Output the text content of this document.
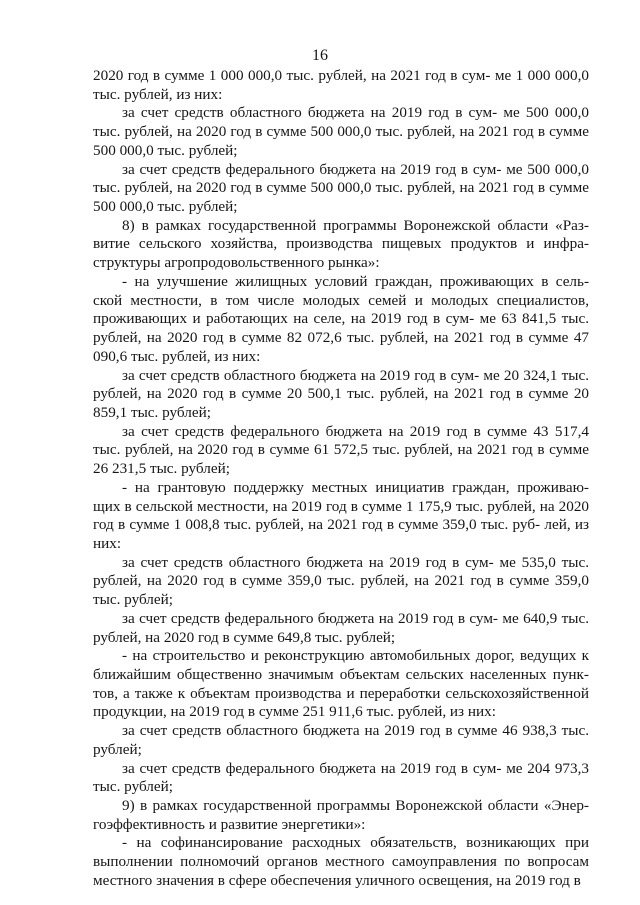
16

2020 год в сумме 1 000 000,0 тыс. рублей, на 2021 год в сум- ме 1 000 000,0 тыс. рублей, из них:

за счет средств областного бюджета на 2019 год в сум- ме 500 000,0 тыс. рублей, на 2020 год в сумме 500 000,0 тыс. рублей, на 2021 год в сумме 500 000,0 тыс. рублей;

за счет средств федерального бюджета на 2019 год в сум- ме 500 000,0 тыс. рублей, на 2020 год в сумме 500 000,0 тыс. рублей, на 2021 год в сумме 500 000,0 тыс. рублей;

8) в рамках государственной программы Воронежской области «Раз- витие сельского хозяйства, производства пищевых продуктов и инфра- структуры агропродовольственного рынка»:

- на улучшение жилищных условий граждан, проживающих в сель- ской местности, в том числе молодых семей и молодых специалистов, проживающих и работающих на селе, на 2019 год в сум- ме 63 841,5 тыс. рублей, на 2020 год в сумме 82 072,6 тыс. рублей, на 2021 год в сумме 47 090,6 тыс. рублей, из них:

за счет средств областного бюджета на 2019 год в сум- ме 20 324,1 тыс. рублей, на 2020 год в сумме 20 500,1 тыс. рублей, на 2021 год в сумме 20 859,1 тыс. рублей;

за счет средств федерального бюджета на 2019 год в сумме 43 517,4 тыс. рублей, на 2020 год в сумме 61 572,5 тыс. рублей, на 2021 год в сумме 26 231,5 тыс. рублей;

- на грантовую поддержку местных инициатив граждан, проживаю- щих в сельской местности, на 2019 год в сумме 1 175,9 тыс. рублей, на 2020 год в сумме 1 008,8 тыс. рублей, на 2021 год в сумме 359,0 тыс. руб- лей, из них:

за счет средств областного бюджета на 2019 год в сум- ме 535,0 тыс. рублей, на 2020 год в сумме 359,0 тыс. рублей, на 2021 год в сумме 359,0 тыс. рублей;

за счет средств федерального бюджета на 2019 год в сум- ме 640,9 тыс. рублей, на 2020 год в сумме 649,8 тыс. рублей;

- на строительство и реконструкцию автомобильных дорог, ведущих к ближайшим общественно значимым объектам сельских населенных пунк- тов, а также к объектам производства и переработки сельскохозяйственной продукции, на 2019 год в сумме 251 911,6 тыс. рублей, из них:

за счет средств областного бюджета на 2019 год в сумме 46 938,3 тыс. рублей;

за счет средств федерального бюджета на 2019 год в сум- ме 204 973,3 тыс. рублей;

9) в рамках государственной программы Воронежской области «Энер- гоэффективность и развитие энергетики»:

- на софинансирование расходных обязательств, возникающих при выполнении полномочий органов местного самоуправления по вопросам местного значения в сфере обеспечения уличного освещения, на 2019 год в
